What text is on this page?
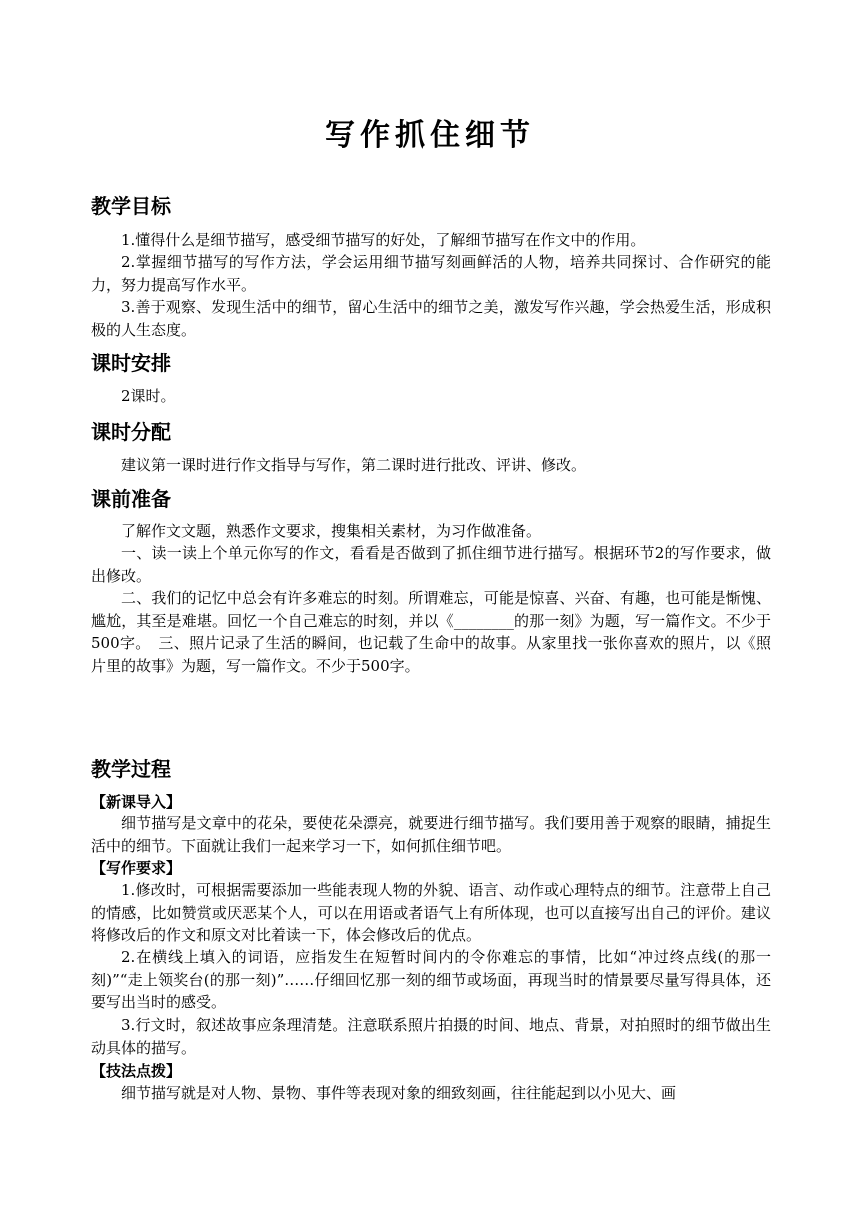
写作抓住细节
教学目标
1.懂得什么是细节描写，感受细节描写的好处，了解细节描写在作文中的作用。
2.掌握细节描写的写作方法，学会运用细节描写刻画鲜活的人物，培养共同探讨、合作研究的能力，努力提高写作水平。
3.善于观察、发现生活中的细节，留心生活中的细节之美，激发写作兴趣，学会热爱生活，形成积极的人生态度。
课时安排
2课时。
课时分配
建议第一课时进行作文指导与写作，第二课时进行批改、评讲、修改。
课前准备
了解作文文题，熟悉作文要求，搜集相关素材，为习作做准备。
一、读一读上个单元你写的作文，看看是否做到了抓住细节进行描写。根据环节2的写作要求，做出修改。
二、我们的记忆中总会有许多难忘的时刻。所谓难忘，可能是惊喜、兴奋、有趣，也可能是惭愧、尴尬，其至是难堪。回忆一个自己难忘的时刻，并以《________的那一刻》为题，写一篇作文。不少于500字。　三、照片记录了生活的瞬间，也记载了生命中的故事。从家里找一张你喜欢的照片，以《照片里的故事》为题，写一篇作文。不少于500字。
教学过程
【新课导入】
细节描写是文章中的花朵，要使花朵漂亮，就要进行细节描写。我们要用善于观察的眼睛，捕捉生活中的细节。下面就让我们一起来学习一下，如何抓住细节吧。
【写作要求】
1.修改时，可根据需要添加一些能表现人物的外貌、语言、动作或心理特点的细节。注意带上自己的情感，比如赞赏或厌恶某个人，可以在用语或者语气上有所体现，也可以直接写出自己的评价。建议将修改后的作文和原文对比着读一下，体会修改后的优点。
2.在横线上填入的词语，应指发生在短暂时间内的令你难忘的事情，比如“冲过终点线(的那一刻)”“走上领奖台(的那一刻)”……仔细回忆那一刻的细节或场面，再现当时的情景要尽量写得具体，还要写出当时的感受。
3.行文时，叙述故事应条理清楚。注意联系照片拍摄的时间、地点、背景，对拍照时的细节做出生动具体的描写。
【技法点拨】
细节描写就是对人物、景物、事件等表现对象的细致刻画，往往能起到以小见大、画
